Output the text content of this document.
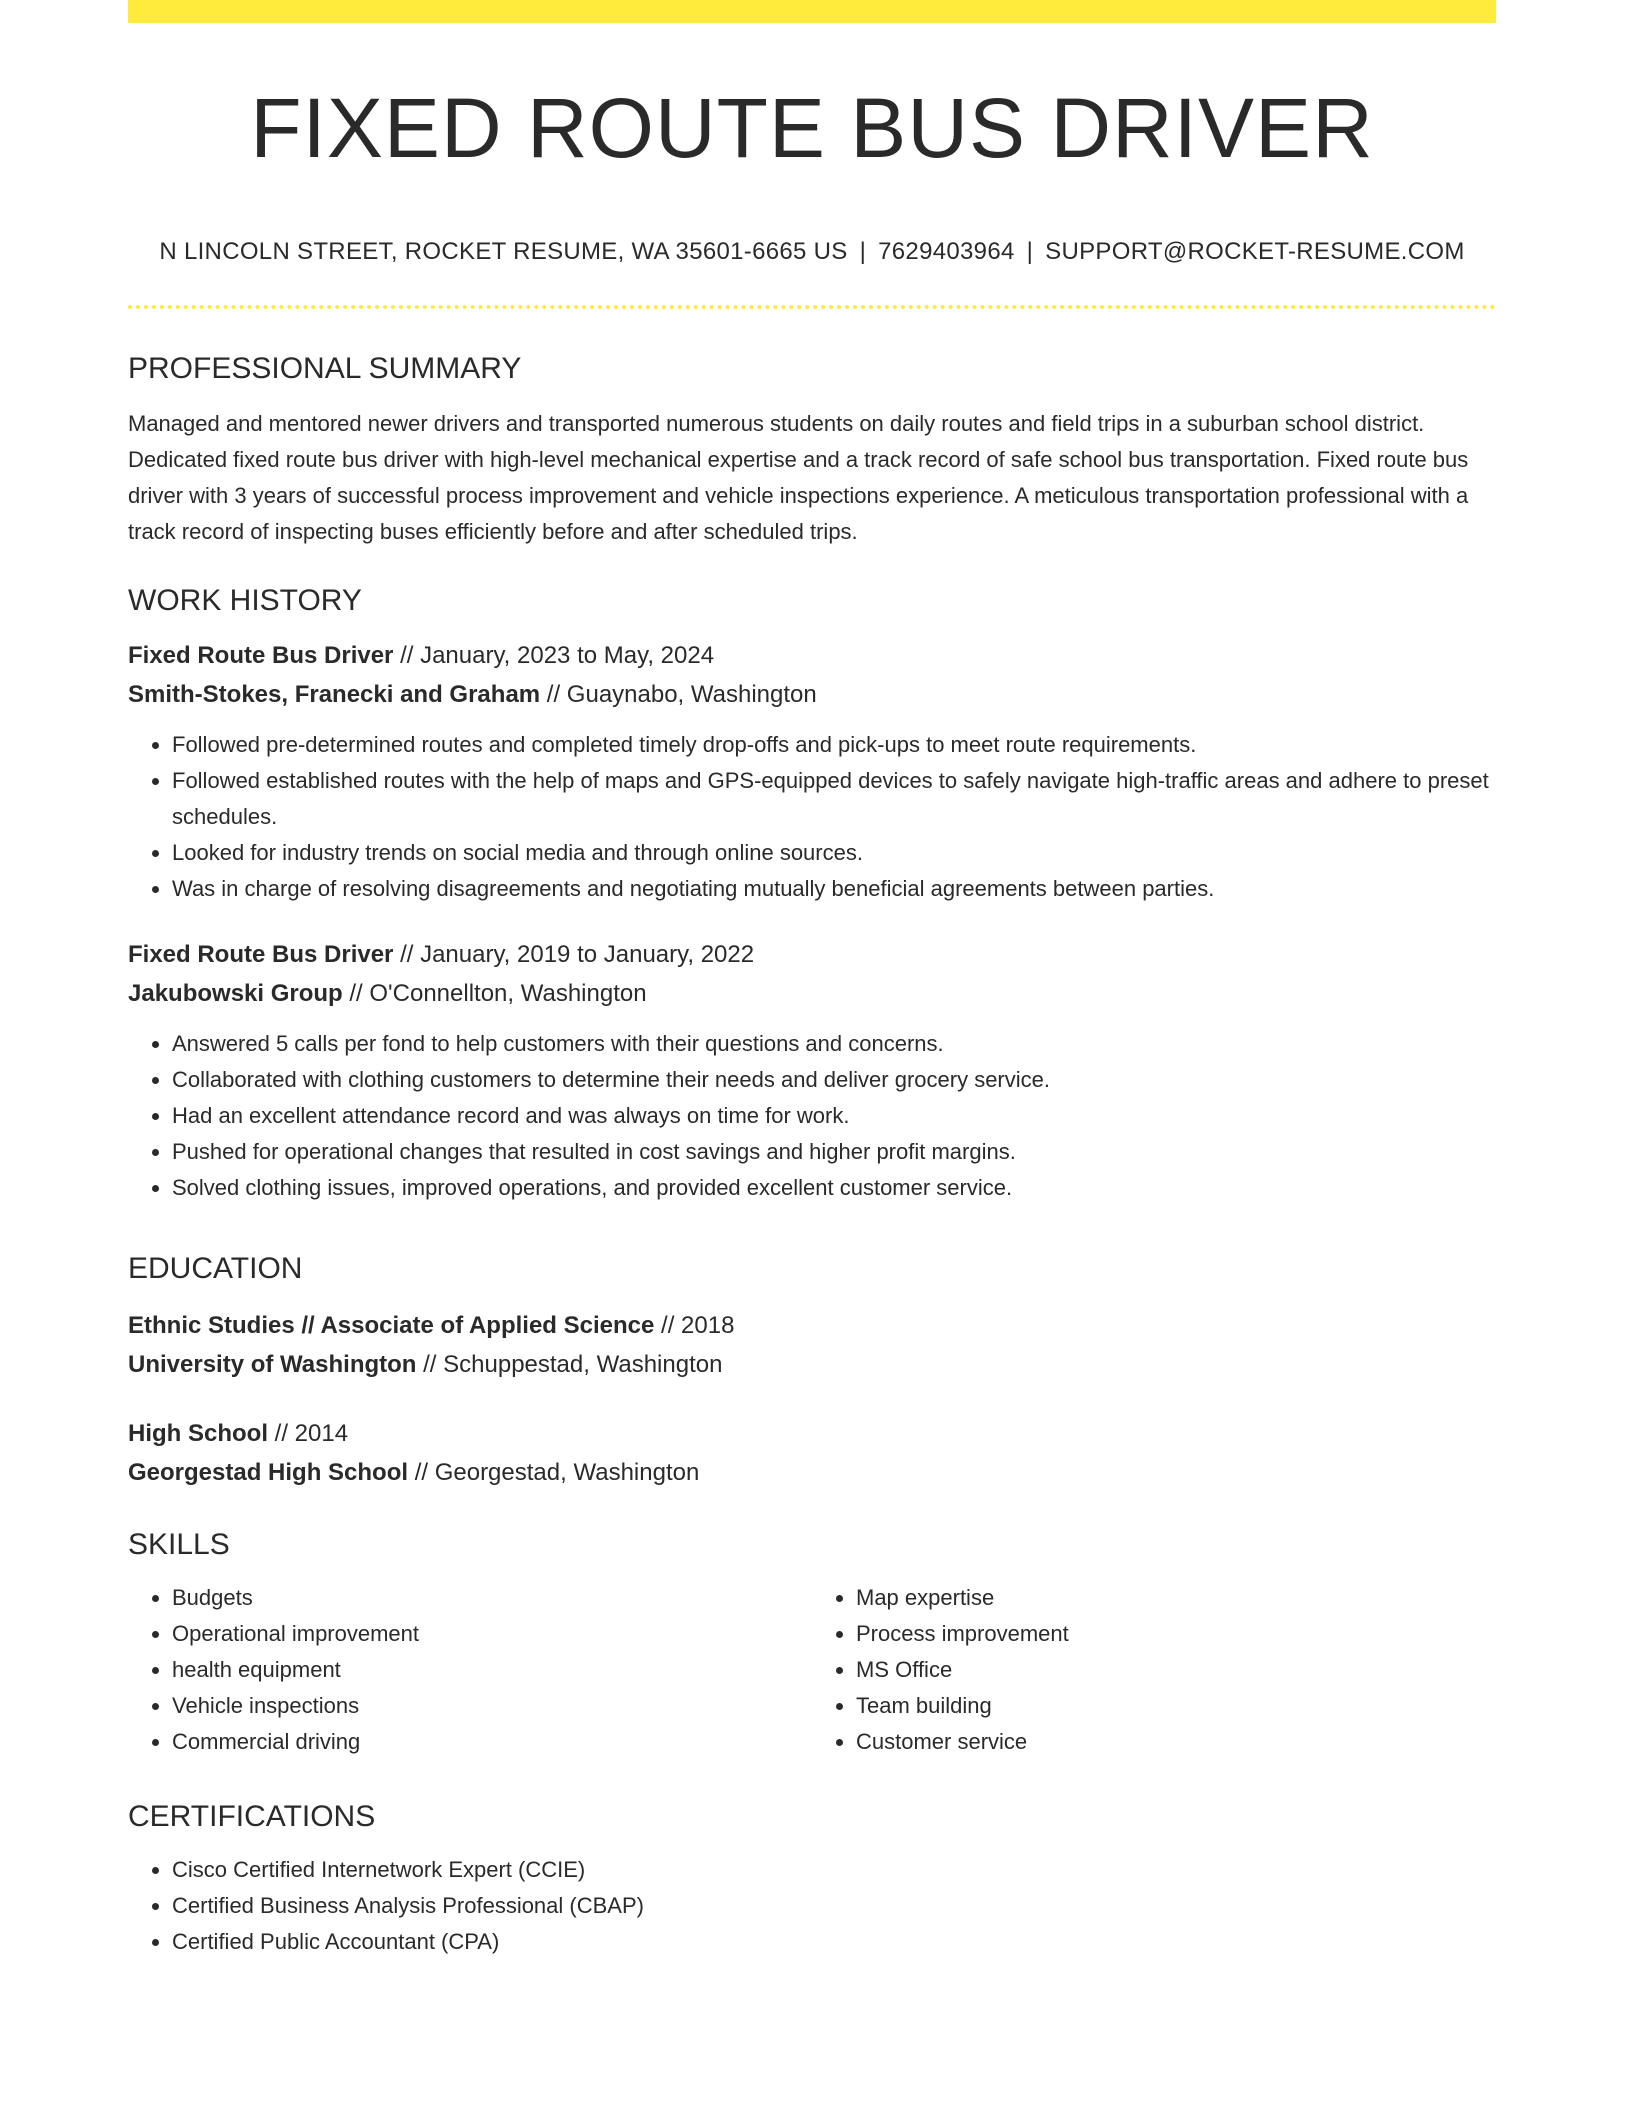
FIXED ROUTE BUS DRIVER
N LINCOLN STREET, ROCKET RESUME, WA 35601-6665 US | 7629403964 | SUPPORT@ROCKET-RESUME.COM
PROFESSIONAL SUMMARY

Managed and mentored newer drivers and transported numerous students on daily routes and field trips in a suburban school district. Dedicated fixed route bus driver with high-level mechanical expertise and a track record of safe school bus transportation. Fixed route bus driver with 3 years of successful process improvement and vehicle inspections experience. A meticulous transportation professional with a track record of inspecting buses efficiently before and after scheduled trips.

WORK HISTORY
Fixed Route Bus Driver // January, 2023 to May, 2024
Smith-Stokes, Franecki and Graham // Guaynabo, Washington
• Followed pre-determined routes and completed timely drop-offs and pick-ups to meet route requirements.
• Followed established routes with the help of maps and GPS-equipped devices to safely navigate high-traffic areas and adhere to preset schedules.
• Looked for industry trends on social media and through online sources.
• Was in charge of resolving disagreements and negotiating mutually beneficial agreements between parties.
Fixed Route Bus Driver // January, 2019 to January, 2022
Jakubowski Group // O'Connellton, Washington
• Answered 5 calls per fond to help customers with their questions and concerns.
• Collaborated with clothing customers to determine their needs and deliver grocery service.
• Had an excellent attendance record and was always on time for work.
• Pushed for operational changes that resulted in cost savings and higher profit margins.
• Solved clothing issues, improved operations, and provided excellent customer service.
EDUCATION
Ethnic Studies // Associate of Applied Science // 2018
University of Washington // Schuppestad, Washington
High School // 2014
Georgestad High School // Georgestad, Washington
SKILLS
• Budgets
• Operational improvement
• health equipment
• Vehicle inspections
• Commercial driving
• Map expertise
• Process improvement
• MS Office
• Team building
• Customer service
CERTIFICATIONS
• Cisco Certified Internetwork Expert (CCIE)
• Certified Business Analysis Professional (CBAP)
• Certified Public Accountant (CPA)
